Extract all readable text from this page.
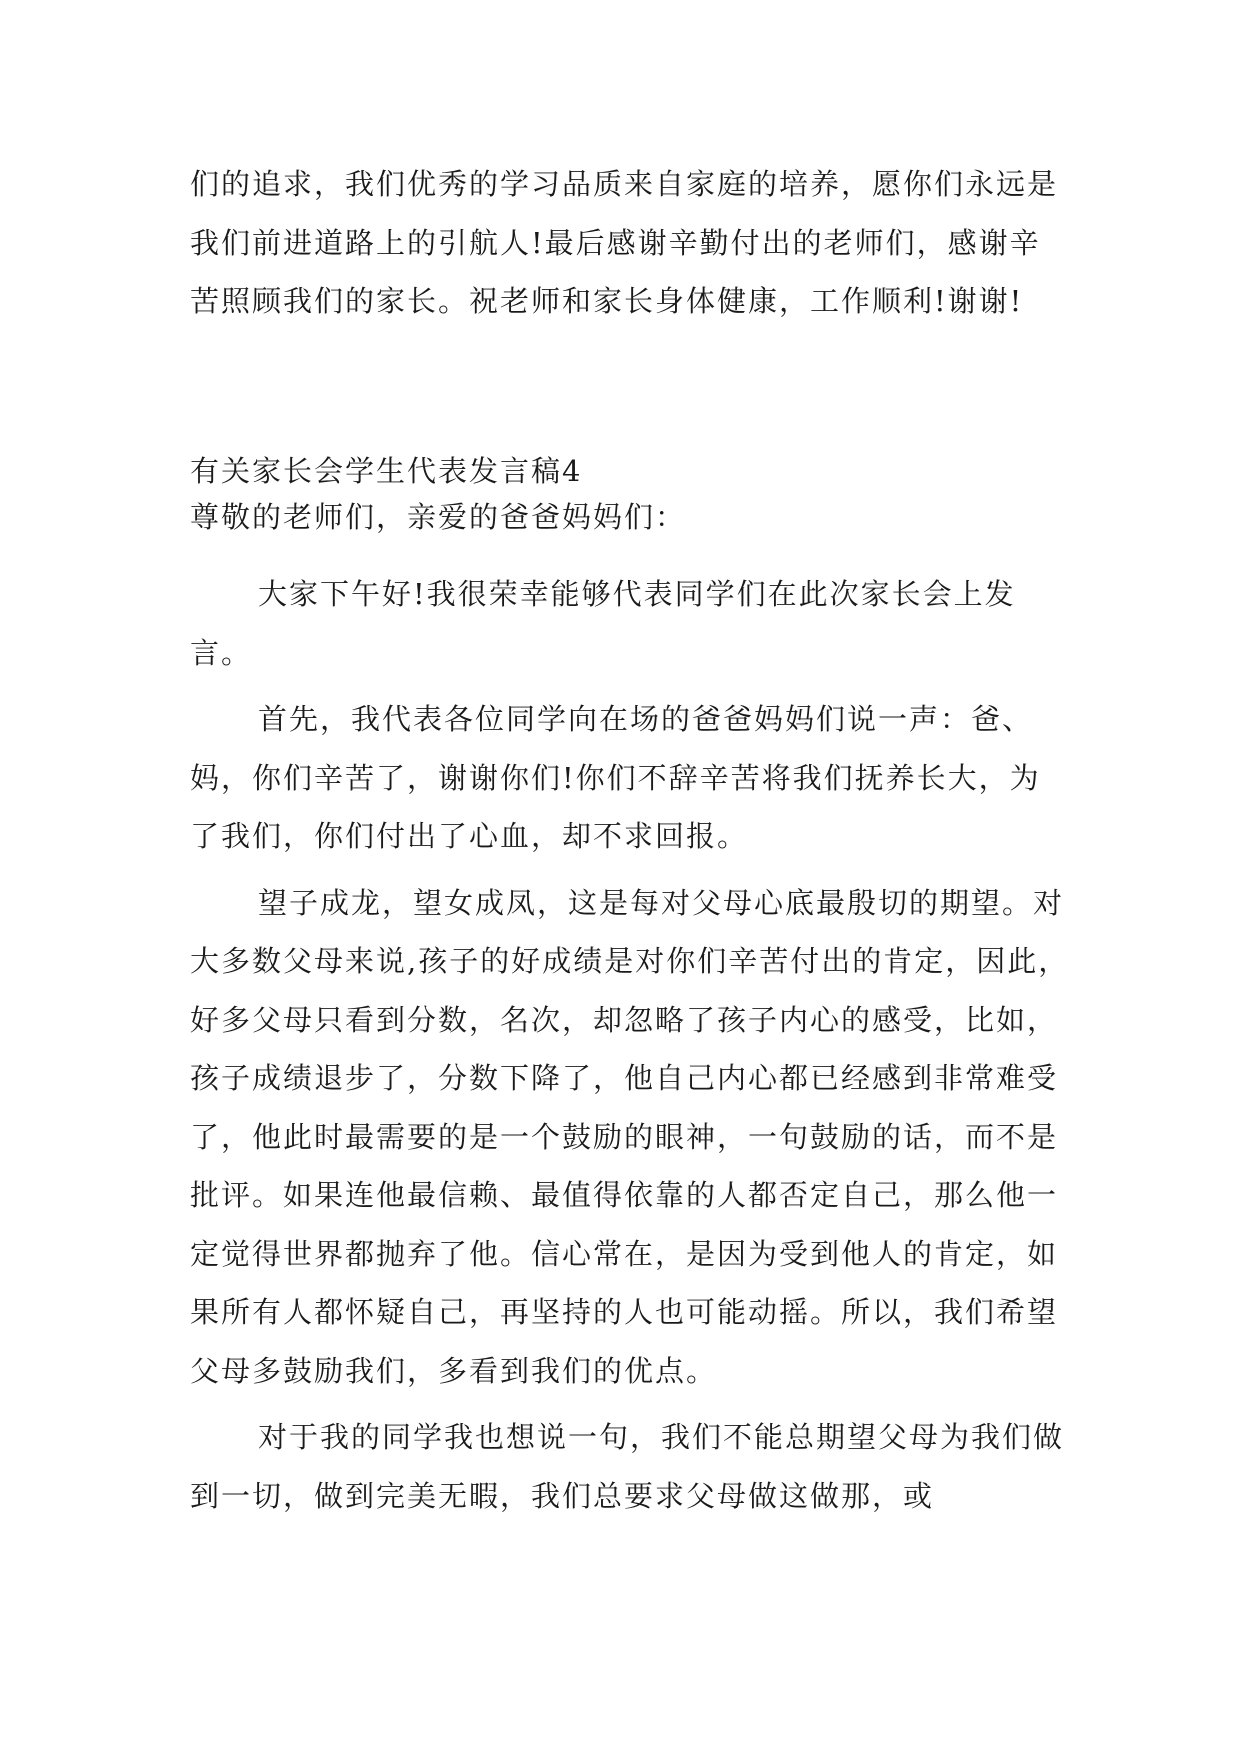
们的追求，我们优秀的学习品质来自家庭的培养，愿你们永远是我们前进道路上的引航人!最后感谢辛勤付出的老师们，感谢辛苦照顾我们的家长。祝老师和家长身体健康，工作顺利!谢谢!

有关家长会学生代表发言稿4

尊敬的老师们，亲爱的爸爸妈妈们：

大家下午好!我很荣幸能够代表同学们在此次家长会上发言。

首先，我代表各位同学向在场的爸爸妈妈们说一声：爸、妈，你们辛苦了，谢谢你们!你们不辞辛苦将我们抚养长大，为了我们，你们付出了心血，却不求回报。

望子成龙，望女成凤，这是每对父母心底最殷切的期望。对大多数父母来说,孩子的好成绩是对你们辛苦付出的肯定，因此，好多父母只看到分数，名次，却忽略了孩子内心的感受，比如，孩子成绩退步了，分数下降了，他自己内心都已经感到非常难受了，他此时最需要的是一个鼓励的眼神，一句鼓励的话，而不是批评。如果连他最信赖、最值得依靠的人都否定自己，那么他一定觉得世界都抛弃了他。信心常在，是因为受到他人的肯定，如果所有人都怀疑自己，再坚持的人也可能动摇。所以，我们希望父母多鼓励我们，多看到我们的优点。

对于我的同学我也想说一句，我们不能总期望父母为我们做到一切，做到完美无暇，我们总要求父母做这做那，或
